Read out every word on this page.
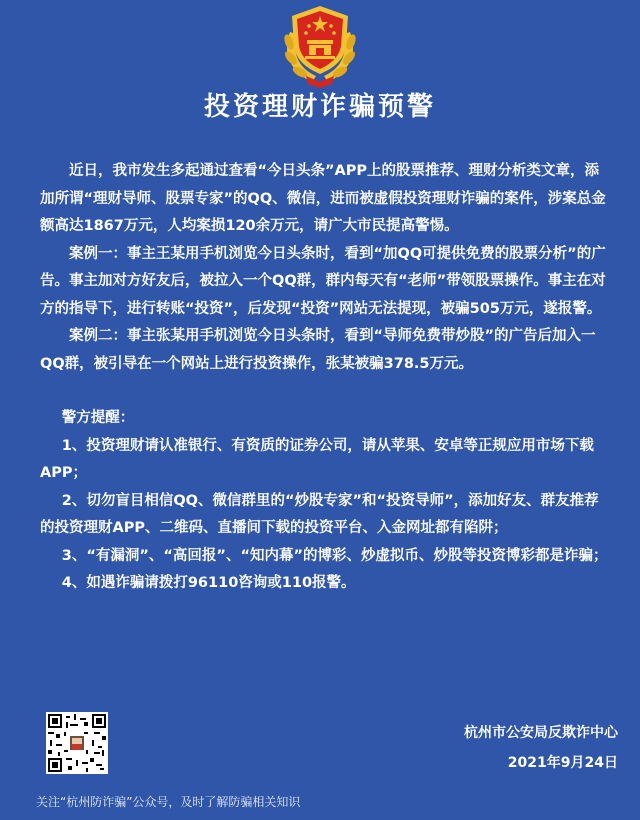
投资理财诈骗预警

近日，我市发生多起通过查看“今日头条”APP上的股票推荐、理财分析类文章，添加所谓“理财导师、股票专家”的QQ、微信，进而被虚假投资理财诈骗的案件，涉案总金额高达1867万元，人均案损120余万元，请广大市民提高警惕。

案例一：事主王某用手机浏览今日头条时，看到“加QQ可提供免费的股票分析”的广告。事主加对方好友后，被拉入一个QQ群，群内每天有“老师”带领股票操作。事主在对方的指导下，进行转账“投资”，后发现“投资”网站无法提现，被骗505万元，遂报警。

案例二：事主张某用手机浏览今日头条时，看到“导师免费带炒股”的广告后加入一QQ群，被引导在一个网站上进行投资操作，张某被骗378.5万元。

警方提醒：

1、投资理财请认准银行、有资质的证券公司，请从苹果、安卓等正规应用市场下载APP；

2、切勿盲目相信QQ、微信群里的“炒股专家”和“投资导师”，添加好友、群友推荐的投资理财APP、二维码、直播间下载的投资平台、入金网址都有陷阱；

3、“有漏洞”、“高回报”、“知内幕”的博彩、炒虚拟币、炒股等投资博彩都是诈骗；

4、如遇诈骗请拨打96110咨询或110报警。

杭州市公安局反欺诈中心
2021年9月24日
关注“杭州防诈骗”公众号，及时了解防骗相关知识
